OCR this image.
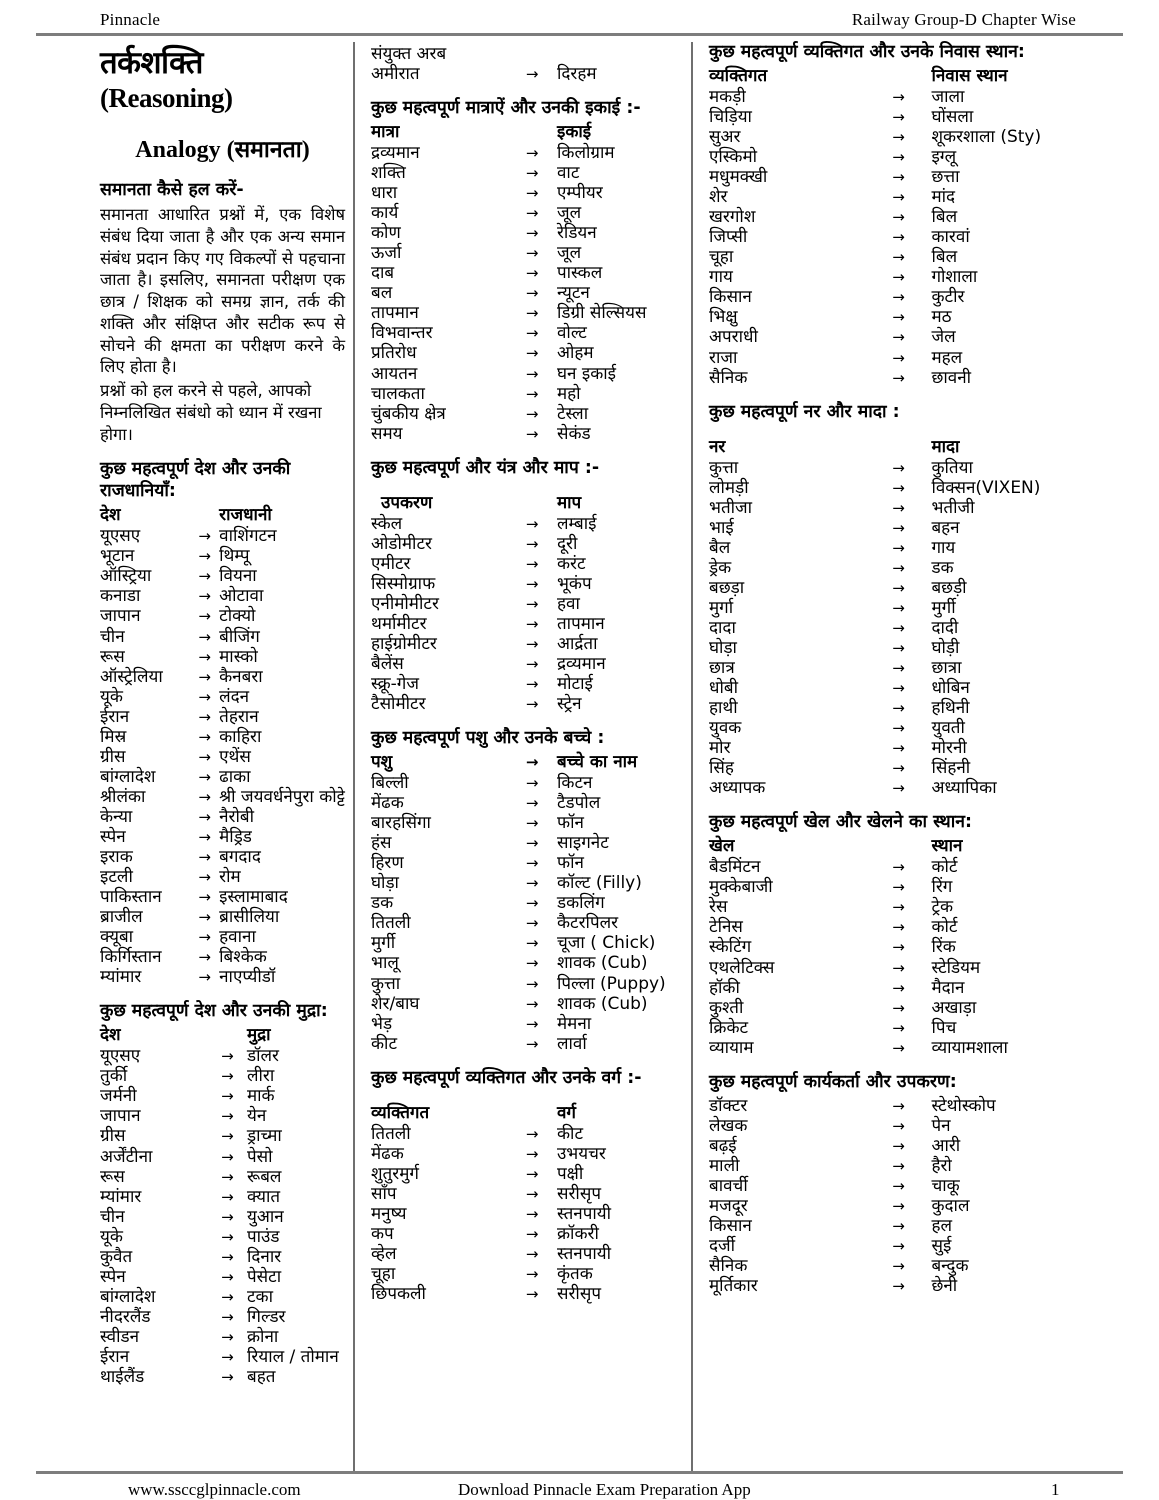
Pinnacle	Railway Group-D Chapter Wise
तर्कशक्ति (Reasoning)
Analogy (समानता)
समानता कैसे हल करें-
समानता आधारित प्रश्नों में, एक विशेष संबंध दिया जाता है और एक अन्य समान संबंध प्रदान किए गए विकल्पों से पहचाना जाता है। इसलिए, समानता परीक्षण एक छात्र / शिक्षक को समग्र ज्ञान, तर्क की शक्ति और संक्षिप्त और सटीक रूप से सोचने की क्षमता का परीक्षण करने के लिए होता है।
प्रश्नों को हल करने से पहले, आपको निम्नलिखित संबंधो को ध्यान में रखना होगा।
कुछ महत्वपूर्ण देश और उनकी राजधानियाँ:
देश		राजधानी
यूएसए	→	वाशिंगटन
भूटान	→	थिम्पू
ऑस्ट्रिया	→	वियना
कनाडा	→	ओटावा
जापान	→	टोक्यो
चीन	→	बीजिंग
रूस	→	मास्को
ऑस्ट्रेलिया	→	कैनबरा
यूके	→	लंदन
ईरान	→	तेहरान
मिस्र	→	काहिरा
ग्रीस	→	एथेंस
बांग्लादेश	→	ढाका
श्रीलंका	→	श्री जयवर्धनेपुरा कोट्टे
केन्या	→	नैरोबी
स्पेन	→	मैड्रिड
इराक	→	बगदाद
इटली	→	रोम
पाकिस्तान	→	इस्लामाबाद
ब्राजील	→	ब्रासीलिया
क्यूबा	→	हवाना
किर्गिस्तान	→	बिश्केक
म्यांमार	→	नाएप्यीडॉ
कुछ महत्वपूर्ण देश और उनकी मुद्रा:
देश		मुद्रा
यूएसए	→	डॉलर
तुर्की	→	लीरा
जर्मनी	→	मार्क
जापान	→	येन
ग्रीस	→	ड्राच्मा
अर्जेंटीना	→	पेसो
रूस	→	रूबल
म्यांमार	→	क्यात
चीन	→	युआन
यूके	→	पाउंड
कुवैत	→	दिनार
स्पेन	→	पेसेटा
बांग्लादेश	→	टका
नीदरलैंड	→	गिल्डर
स्वीडन	→	क्रोना
ईरान	→	रियाल / तोमान
थाईलैंड	→	बहत
संयुक्त अरब		
अमीरात	→	दिरहम
कुछ महत्वपूर्ण मात्राऐं और उनकी इकाई :-
मात्रा		इकाई
द्रव्यमान	→	किलोग्राम
शक्ति	→	वाट
धारा	→	एम्पीयर
कार्य	→	जूल
कोण	→	रेडियन
ऊर्जा	→	जूल
दाब	→	पास्कल
बल	→	न्यूटन
तापमान	→	डिग्री सेल्सियस
विभवान्तर	→	वोल्ट
प्रतिरोध	→	ओहम
आयतन	→	घन इकाई
चालकता	→	महो
चुंबकीय क्षेत्र	→	टेस्ला
समय	→	सेकंड
कुछ महत्वपूर्ण और यंत्र और माप :-
उपकरण		माप
स्केल	→	लम्बाई
ओडोमीटर	→	दूरी
एमीटर	→	करंट
सिस्मोग्राफ	→	भूकंप
एनीमोमीटर	→	हवा
थर्मामीटर	→	तापमान
हाईग्रोमीटर	→	आर्द्रता
बैलेंस	→	द्रव्यमान
स्क्रू-गेज	→	मोटाई
टैसोमीटर	→	स्ट्रेन
कुछ महत्वपूर्ण पशु और उनके बच्चे :
पशु	→	बच्चे का नाम
बिल्ली	→	किटन
मेंढक	→	टैडपोल
बारहसिंगा	→	फॉन
हंस	→	साइगनेट
हिरण	→	फॉन
घोड़ा	→	कॉल्ट (Filly)
डक	→	डकलिंग
तितली	→	कैटरपिलर
मुर्गी	→	चूजा ( Chick)
भालू	→	शावक (Cub)
कुत्ता	→	पिल्ला (Puppy)
शेर/बाघ	→	शावक (Cub)
भेड़	→	मेमना
कीट	→	लार्वा
कुछ महत्वपूर्ण व्यक्तिगत और उनके वर्ग :-
व्यक्तिगत		वर्ग
तितली	→	कीट
मेंढक	→	उभयचर
शुतुरमुर्ग	→	पक्षी
साँप	→	सरीसृप
मनुष्य	→	स्तनपायी
कप	→	क्रॉकरी
व्हेल	→	स्तनपायी
चूहा	→	कृंतक
छिपकली	→	सरीसृप
कुछ महत्वपूर्ण व्यक्तिगत और उनके निवास स्थान:
व्यक्तिगत		निवास स्थान
मकड़ी	→	जाला
चिड़िया	→	घोंसला
सुअर	→	शूकरशाला (Sty)
एस्किमो	→	इग्लू
मधुमक्खी	→	छत्ता
शेर	→	मांद
खरगोश	→	बिल
जिप्सी	→	कारवां
चूहा	→	बिल
गाय	→	गोशाला
किसान	→	कुटीर
भिक्षु	→	मठ
अपराधी	→	जेल
राजा	→	महल
सैनिक	→	छावनी
कुछ महत्वपूर्ण नर और मादा :
नर		मादा
कुत्ता	→	कुतिया
लोमड़ी	→	विक्सन(VIXEN)
भतीजा	→	भतीजी
भाई	→	बहन
बैल	→	गाय
ड्रेक	→	डक
बछड़ा	→	बछड़ी
मुर्गा	→	मुर्गी
दादा	→	दादी
घोड़ा	→	घोड़ी
छात्र	→	छात्रा
धोबी	→	धोबिन
हाथी	→	हथिनी
युवक	→	युवती
मोर	→	मोरनी
सिंह	→	सिंहनी
अध्यापक	→	अध्यापिका
कुछ महत्वपूर्ण खेल और खेलने का स्थान:
खेल		स्थान
बैडमिंटन	→	कोर्ट
मुक्केबाजी	→	रिंग
रेस	→	ट्रेक
टेनिस	→	कोर्ट
स्केटिंग	→	रिंक
एथलेटिक्स	→	स्टेडियम
हॉकी	→	मैदान
कुश्ती	→	अखाड़ा
क्रिकेट	→	पिच
व्यायाम	→	व्यायामशाला
कुछ महत्वपूर्ण कार्यकर्ता और उपकरण:
डॉक्टर	→	स्टेथोस्कोप
लेखक	→	पेन
बढ़ई	→	आरी
माली	→	हैरो
बावर्ची	→	चाकू
मजदूर	→	कुदाल
किसान	→	हल
दर्जी	→	सुई
सैनिक	→	बन्दुक
मूर्तिकार	→	छेनी
www.ssccglpinnacle.com	Download Pinnacle Exam Preparation App	1
